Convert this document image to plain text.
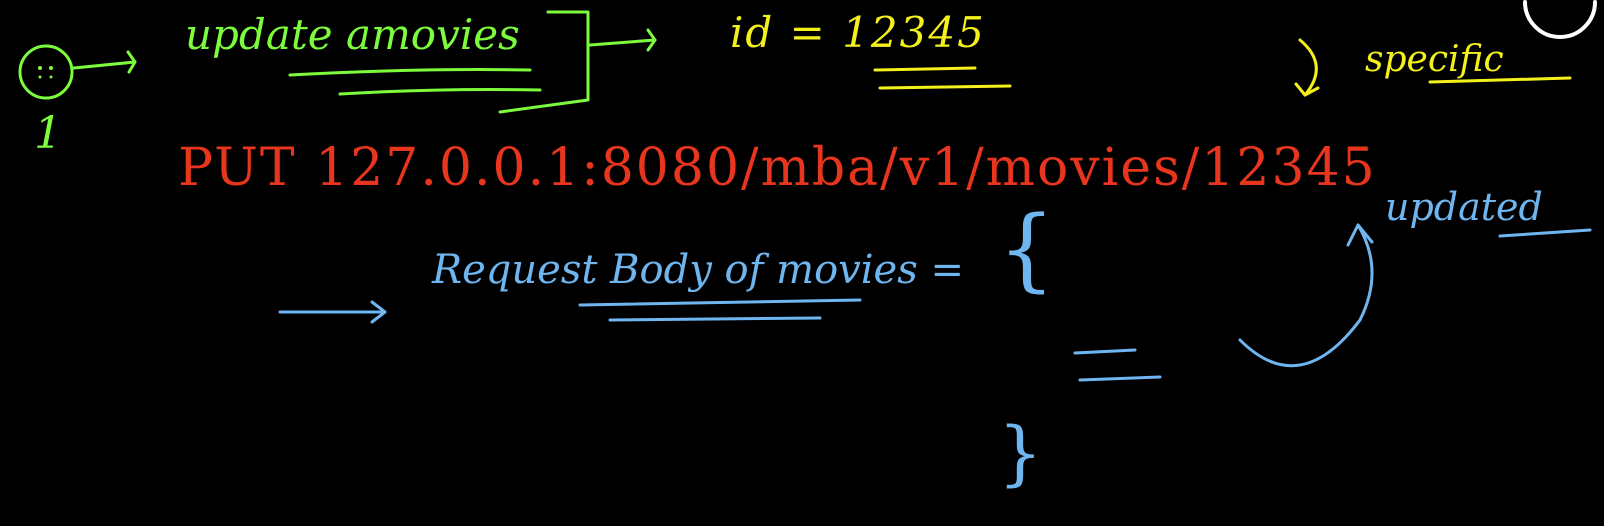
1
update amovies	id = 12345
specific
PUT 127.0.0.1:8080/mba/v1/movies/12345
Request Body of movies = {
}
updated
